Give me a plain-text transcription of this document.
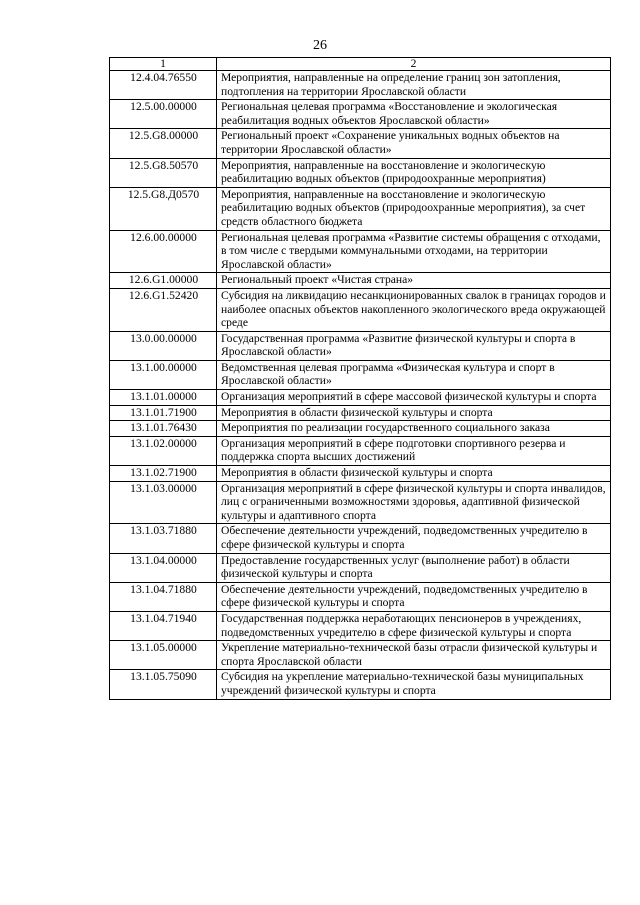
26
1	2
12.4.04.76550	Мероприятия, направленные на определение границ зон затопления, подтопления на территории Ярославской области
12.5.00.00000	Региональная целевая программа «Восстановление и экологическая реабилитация водных объектов Ярославской области»
12.5.G8.00000	Региональный проект «Сохранение уникальных водных объектов на территории Ярославской области»
12.5.G8.50570	Мероприятия, направленные на восстановление и экологическую реабилитацию водных объектов (природоохранные мероприятия)
12.5.G8.Д0570	Мероприятия, направленные на восстановление и экологическую реабилитацию водных объектов (природоохранные мероприятия), за счет средств областного бюджета
12.6.00.00000	Региональная целевая программа «Развитие системы обращения с отходами, в том числе с твердыми коммунальными отходами, на территории Ярославской области»
12.6.G1.00000	Региональный проект «Чистая страна»
12.6.G1.52420	Субсидия на ликвидацию несанкционированных свалок в границах городов и наиболее опасных объектов накопленного экологического вреда окружающей среде
13.0.00.00000	Государственная программа «Развитие физической культуры и спорта в Ярославской области»
13.1.00.00000	Ведомственная целевая программа «Физическая культура и спорт в Ярославской области»
13.1.01.00000	Организация мероприятий в сфере массовой физической культуры и спорта
13.1.01.71900	Мероприятия в области физической культуры и спорта
13.1.01.76430	Мероприятия по реализации государственного социального заказа
13.1.02.00000	Организация мероприятий в сфере подготовки спортивного резерва и поддержка спорта высших достижений
13.1.02.71900	Мероприятия в области физической культуры и спорта
13.1.03.00000	Организация мероприятий в сфере физической культуры и спорта инвалидов, лиц с ограниченными возможностями здоровья, адаптивной физической культуры и адаптивного спорта
13.1.03.71880	Обеспечение деятельности учреждений, подведомственных учредителю в сфере физической культуры и спорта
13.1.04.00000	Предоставление государственных услуг (выполнение работ) в области физической культуры и спорта
13.1.04.71880	Обеспечение деятельности учреждений, подведомственных учредителю в сфере физической культуры и спорта
13.1.04.71940	Государственная поддержка неработающих пенсионеров в учреждениях, подведомственных учредителю в сфере физической культуры и спорта
13.1.05.00000	Укрепление материально-технической базы отрасли физической культуры и спорта Ярославской области
13.1.05.75090	Субсидия на укрепление материально-технической базы муниципальных учреждений физической культуры и спорта
